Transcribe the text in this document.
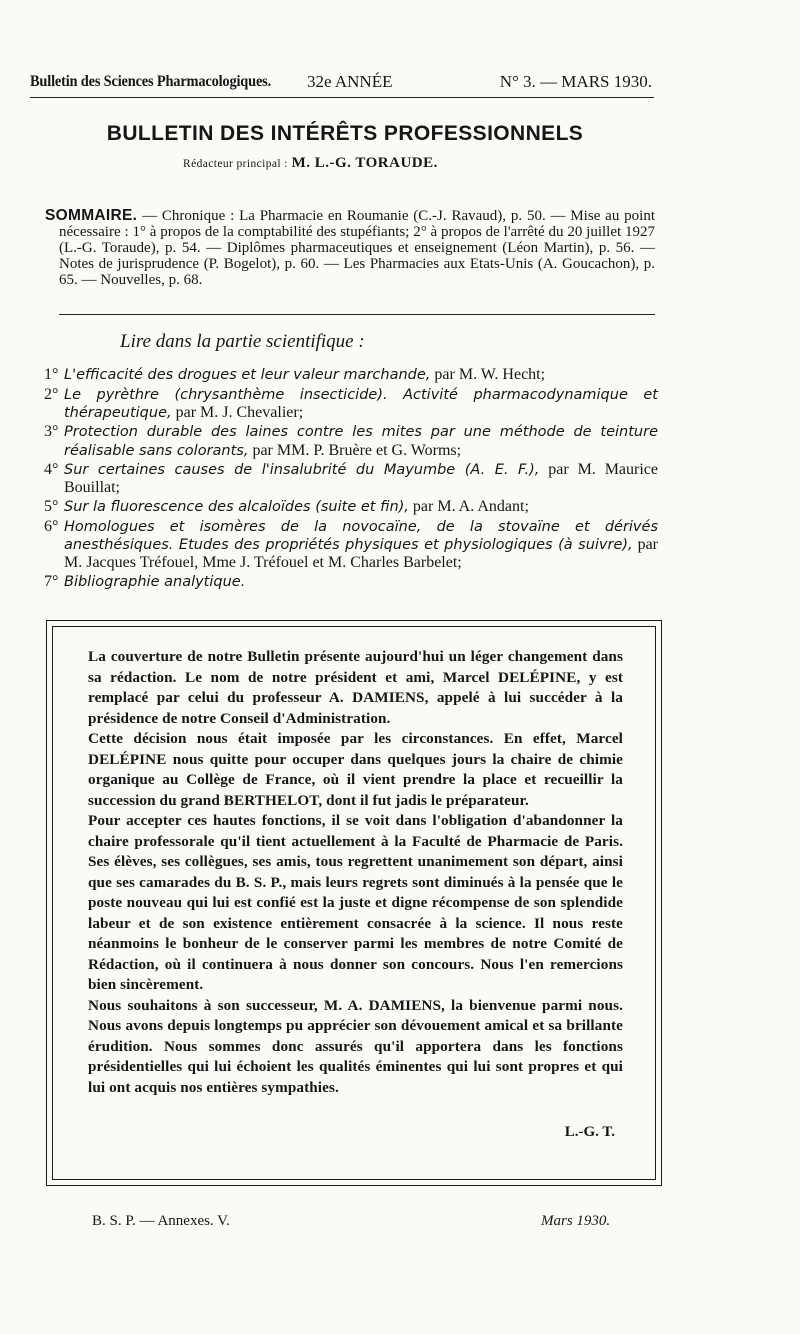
Bulletin des Sciences Pharmacologiques. 32e ANNÉE	N° 3. — MARS 1930.
BULLETIN DES INTÉRÊTS PROFESSIONNELS
Rédacteur principal : M. L.-G. TORAUDE.
SOMMAIRE. — Chronique : La Pharmacie en Roumanie (C.-J. Ravaud), p. 50. — Mise au point nécessaire : 1° à propos de la comptabilité des stupéfiants; 2° à propos de l'arrêté du 20 juillet 1927 (L.-G. Toraude), p. 54. — Diplômes pharmaceutiques et enseignement (Léon Martin), p. 56. — Notes de jurisprudence (P. Bogelot), p. 60. — Les Pharmacies aux Etats-Unis (A. Goucachon), p. 65. — Nouvelles, p. 68.
Lire dans la partie scientifique :
1° L'efficacité des drogues et leur valeur marchande, par M. W. Hecht;
2° Le pyrèthre (chrysanthème insecticide). Activité pharmacodynamique et thérapeutique, par M. J. Chevalier;
3° Protection durable des laines contre les mites par une méthode de teinture réalisable sans colorants, par MM. P. Bruère et G. Worms;
4° Sur certaines causes de l'insalubrité du Mayumbe (A. E. F.), par M. Maurice Bouillat;
5° Sur la fluorescence des alcaloïdes (suite et fin), par M. A. Andant;
6° Homologues et isomères de la novocaïne, de la stovaïne et dérivés anesthésiques. Etudes des propriétés physiques et physiologiques (à suivre), par M. Jacques Tréfouel, Mme J. Tréfouel et M. Charles Barbelet;
7° Bibliographie analytique.

La couverture de notre Bulletin présente aujourd'hui un léger changement dans sa rédaction. Le nom de notre président et ami, Marcel DELÉPINE, y est remplacé par celui du professeur A. DAMIENS, appelé à lui succéder à la présidence de notre Conseil d'Administration.

Cette décision nous était imposée par les circonstances. En effet, Marcel DELÉPINE nous quitte pour occuper dans quelques jours la chaire de chimie organique au Collège de France, où il vient prendre la place et recueillir la succession du grand BERTHELOT, dont il fut jadis le préparateur.

Pour accepter ces hautes fonctions, il se voit dans l'obligation d'abandonner la chaire professorale qu'il tient actuellement à la Faculté de Pharmacie de Paris. Ses élèves, ses collègues, ses amis, tous regrettent unanimement son départ, ainsi que ses camarades du B. S. P., mais leurs regrets sont diminués à la pensée que le poste nouveau qui lui est confié est la juste et digne récompense de son splendide labeur et de son existence entièrement consacrée à la science. Il nous reste néanmoins le bonheur de le conserver parmi les membres de notre Comité de Rédaction, où il continuera à nous donner son concours. Nous l'en remercions bien sincèrement.

Nous souhaitons à son successeur, M. A. DAMIENS, la bienvenue parmi nous. Nous avons depuis longtemps pu apprécier son dévouement amical et sa brillante érudition. Nous sommes donc assurés qu'il apportera dans les fonctions présidentielles qui lui échoient les qualités éminentes qui lui sont propres et qui lui ont acquis nos entières sympathies.

L.-G. T.
B. S. P. — Annexes. V.	Mars 1930.
